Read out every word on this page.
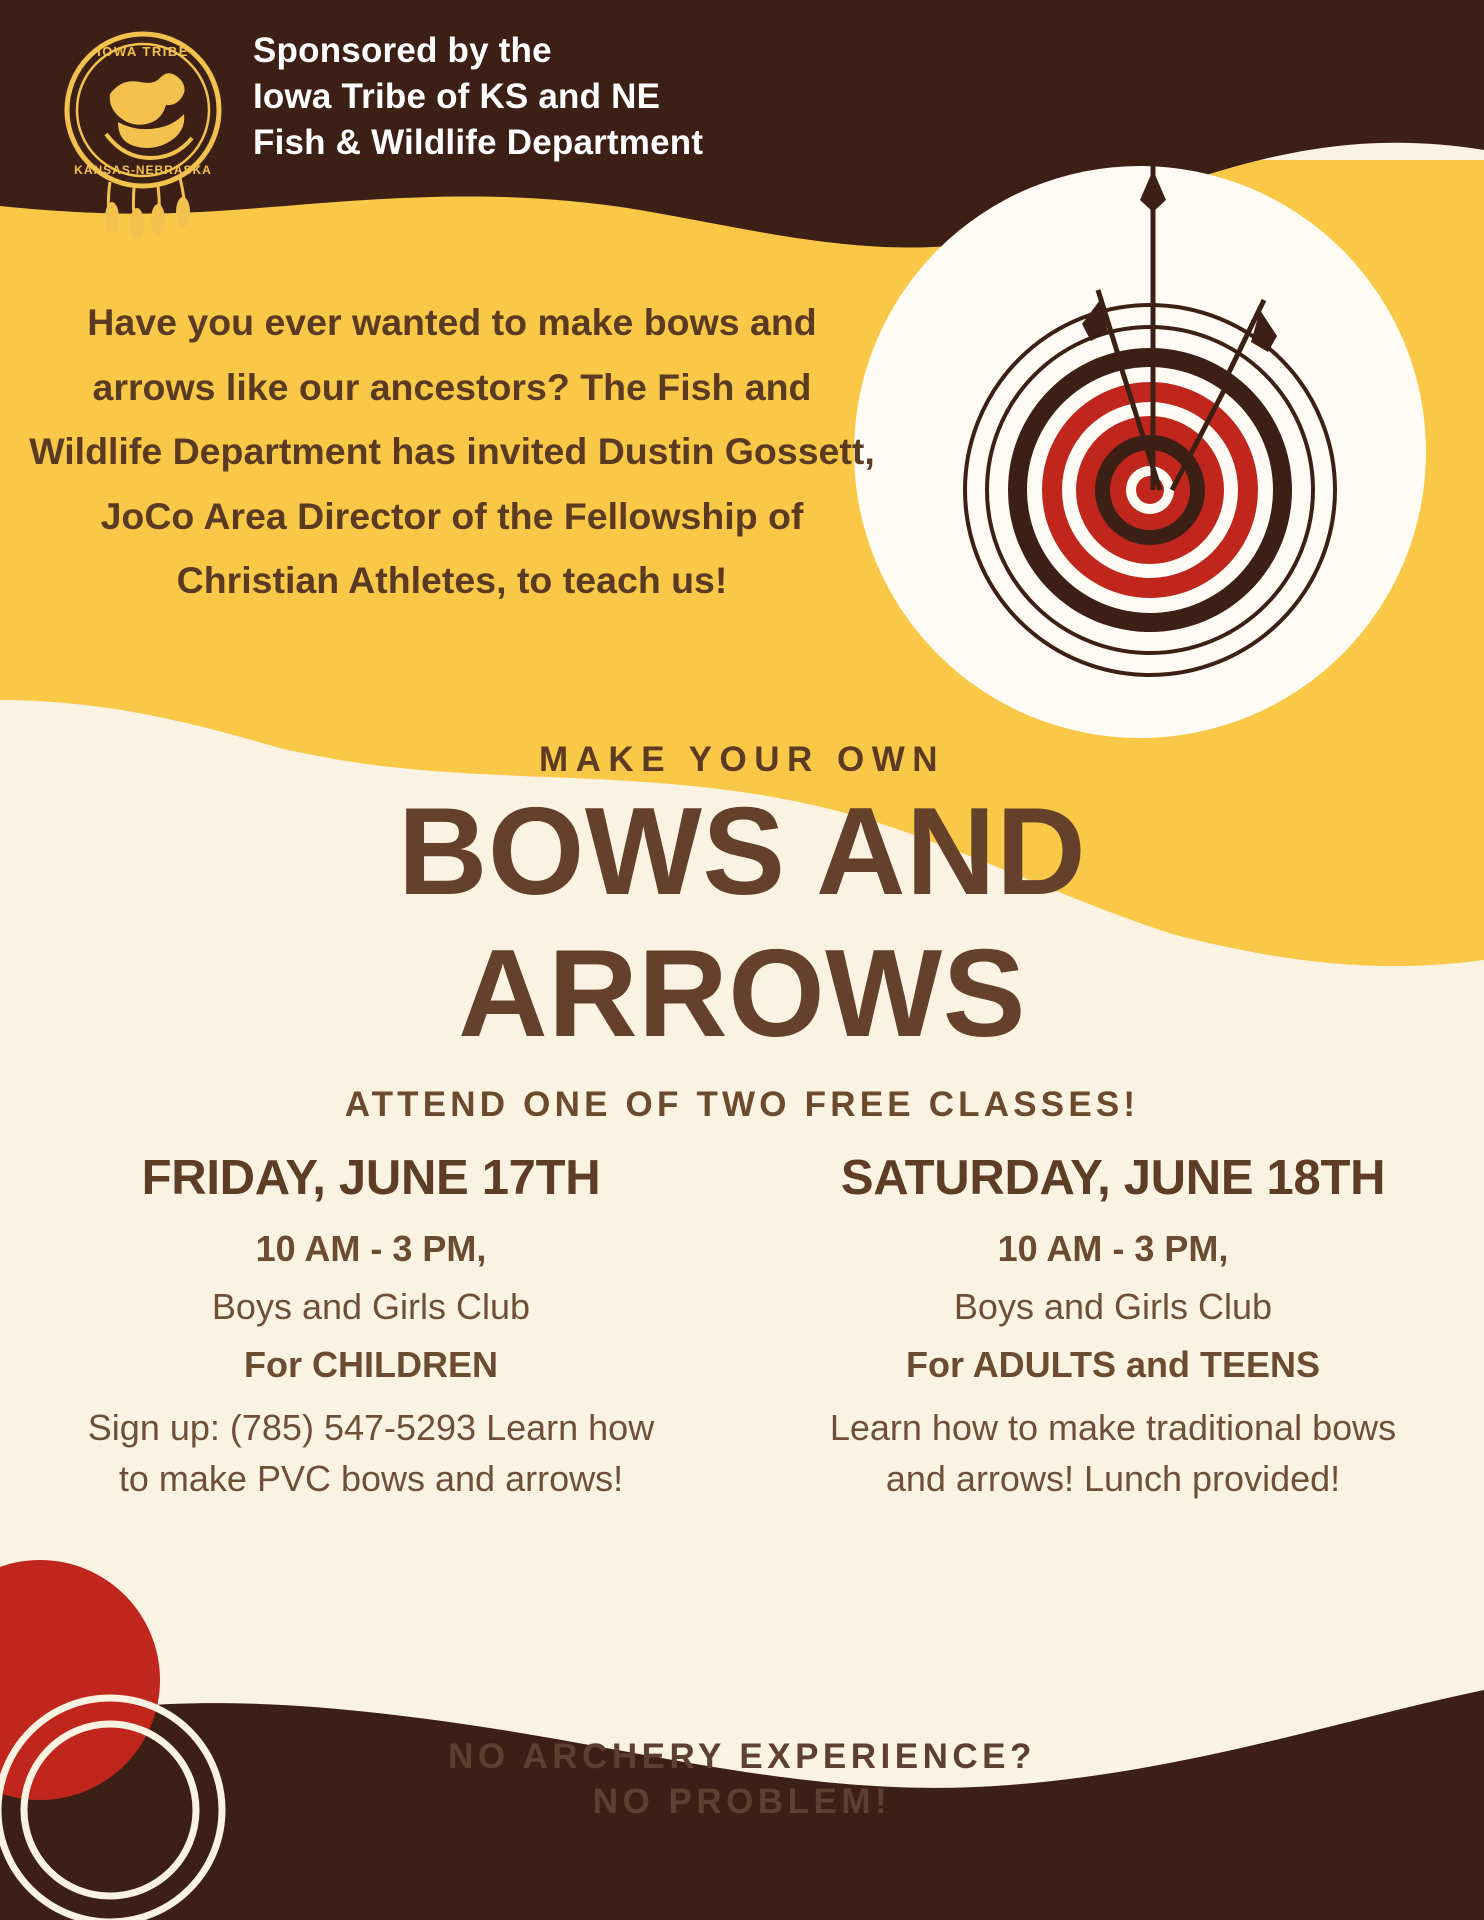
IOWA TRIBE
KANSAS-NEBRASKA
Sponsored by the
Iowa Tribe of KS and NE
Fish & Wildlife Department
Have you ever wanted to make bows and arrows like our ancestors? The Fish and Wildlife Department has invited Dustin Gossett, JoCo Area Director of the Fellowship of Christian Athletes, to teach us!
MAKE YOUR OWN
BOWS AND
ARROWS
ATTEND ONE OF TWO FREE CLASSES!
FRIDAY, JUNE 17TH
10 AM - 3 PM,
Boys and Girls Club
For CHILDREN
Sign up: (785) 547-5293 Learn how to make PVC bows and arrows!
SATURDAY, JUNE 18TH
10 AM - 3 PM,
Boys and Girls Club
For ADULTS and TEENS
Learn how to make traditional bows and arrows! Lunch provided!
NO ARCHERY EXPERIENCE?
NO PROBLEM!
